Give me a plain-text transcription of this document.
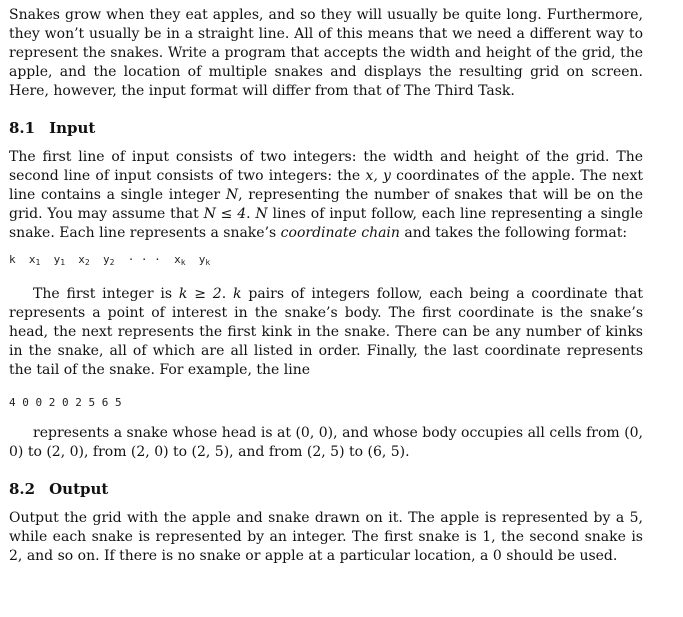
Snakes grow when they eat apples, and so they will usually be quite long. Furthermore, they won’t usually be in a straight line. All of this means that we need a different way to represent the snakes. Write a program that accepts the width and height of the grid, the apple, and the location of multiple snakes and displays the resulting grid on screen. Here, however, the input format will differ from that of The Third Task.

8.1 Input

The first line of input consists of two integers: the width and height of the grid. The second line of input consists of two integers: the x, y coordinates of the apple. The next line contains a single integer N, representing the number of snakes that will be on the grid. You may assume that N ≤ 4. N lines of input follow, each line representing a single snake. Each line represents a snake’s coordinate chain and takes the following format:

k $x_1$ $y_1$ $x_2$ $y_2$ · · · $x_k$ $y_k$

The first integer is k ≥ 2. k pairs of integers follow, each being a coordinate that represents a point of interest in the snake’s body. The first coordinate is the snake’s head, the next represents the first kink in the snake. There can be any number of kinks in the snake, all of which are all listed in order. Finally, the last coordinate represents the tail of the snake. For example, the line

4 0 0 2 0 2 5 6 5

represents a snake whose head is at (0, 0), and whose body occupies all cells from (0, 0) to (2, 0), from (2, 0) to (2, 5), and from (2, 5) to (6, 5).

8.2 Output

Output the grid with the apple and snake drawn on it. The apple is represented by a 5, while each snake is represented by an integer. The first snake is 1, the second snake is 2, and so on. If there is no snake or apple at a particular location, a 0 should be used.
